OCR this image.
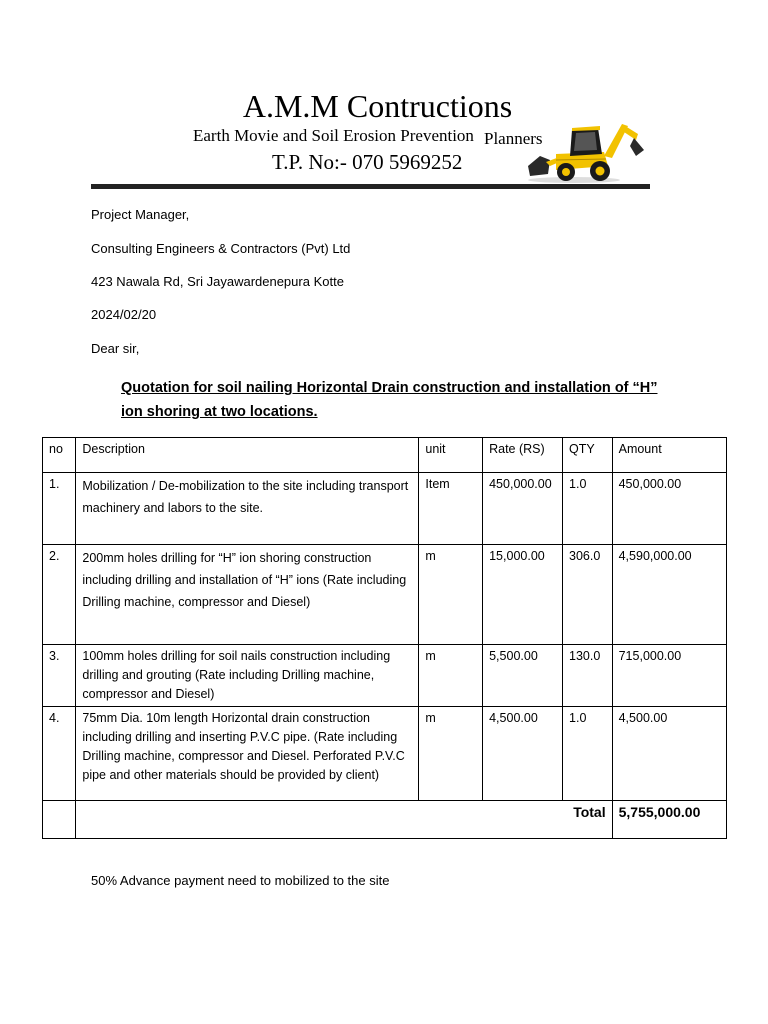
A.M.M Contructions
Earth Movie and Soil Erosion Prevention Planners
T.P. No:- 070 5969252
Project Manager,
Consulting Engineers & Contractors (Pvt) Ltd
423 Nawala Rd, Sri Jayawardenepura Kotte
2024/02/20
Dear sir,
Quotation for soil nailing Horizontal Drain construction and installation of “H” ion shoring at two locations.
no	Description	unit	Rate (RS)	QTY	Amount
1.	Mobilization / De-mobilization to the site including transport machinery and labors to the site.	Item	450,000.00	1.0	450,000.00
2.	200mm holes drilling for “H” ion shoring construction including drilling and installation of “H” ions (Rate including Drilling machine, compressor and Diesel)	m	15,000.00	306.0	4,590,000.00
3.	100mm holes drilling for soil nails construction including drilling and grouting (Rate including Drilling machine, compressor and Diesel)	m	5,500.00	130.0	715,000.00
4.	75mm Dia. 10m length Horizontal drain construction including drilling and inserting P.V.C pipe. (Rate including Drilling machine, compressor and Diesel. Perforated P.V.C pipe and other materials should be provided by client)	m	4,500.00	1.0	4,500.00
	Total				5,755,000.00
50% Advance payment need to mobilized to the site
